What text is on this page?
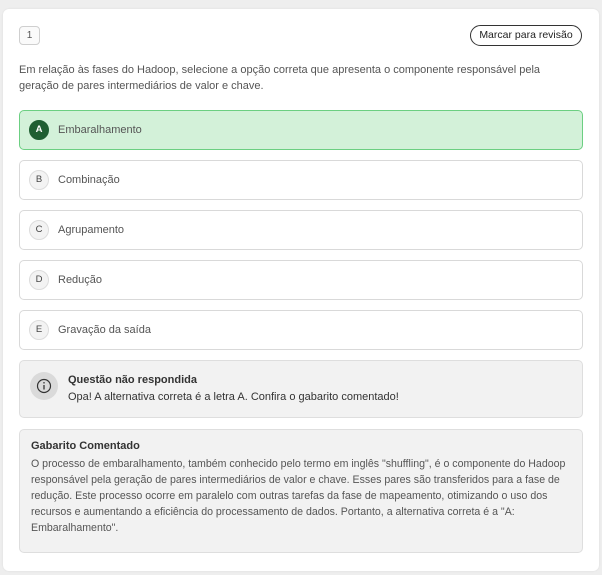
1	Marcar para revisão
Em relação às fases do Hadoop, selecione a opção correta que apresenta o componente responsável pela geração de pares intermediários de valor e chave.
A	Embaralhamento
B	Combinação
C	Agrupamento
D	Redução
E	Gravação da saída
Questão não respondida
Opa! A alternativa correta é a letra A. Confira o gabarito comentado!
Gabarito Comentado
O processo de embaralhamento, também conhecido pelo termo em inglês "shuffling", é o componente do Hadoop responsável pela geração de pares intermediários de valor e chave. Esses pares são transferidos para a fase de redução. Este processo ocorre em paralelo com outras tarefas da fase de mapeamento, otimizando o uso dos recursos e aumentando a eficiência do processamento de dados. Portanto, a alternativa correta é a "A: Embaralhamento".
